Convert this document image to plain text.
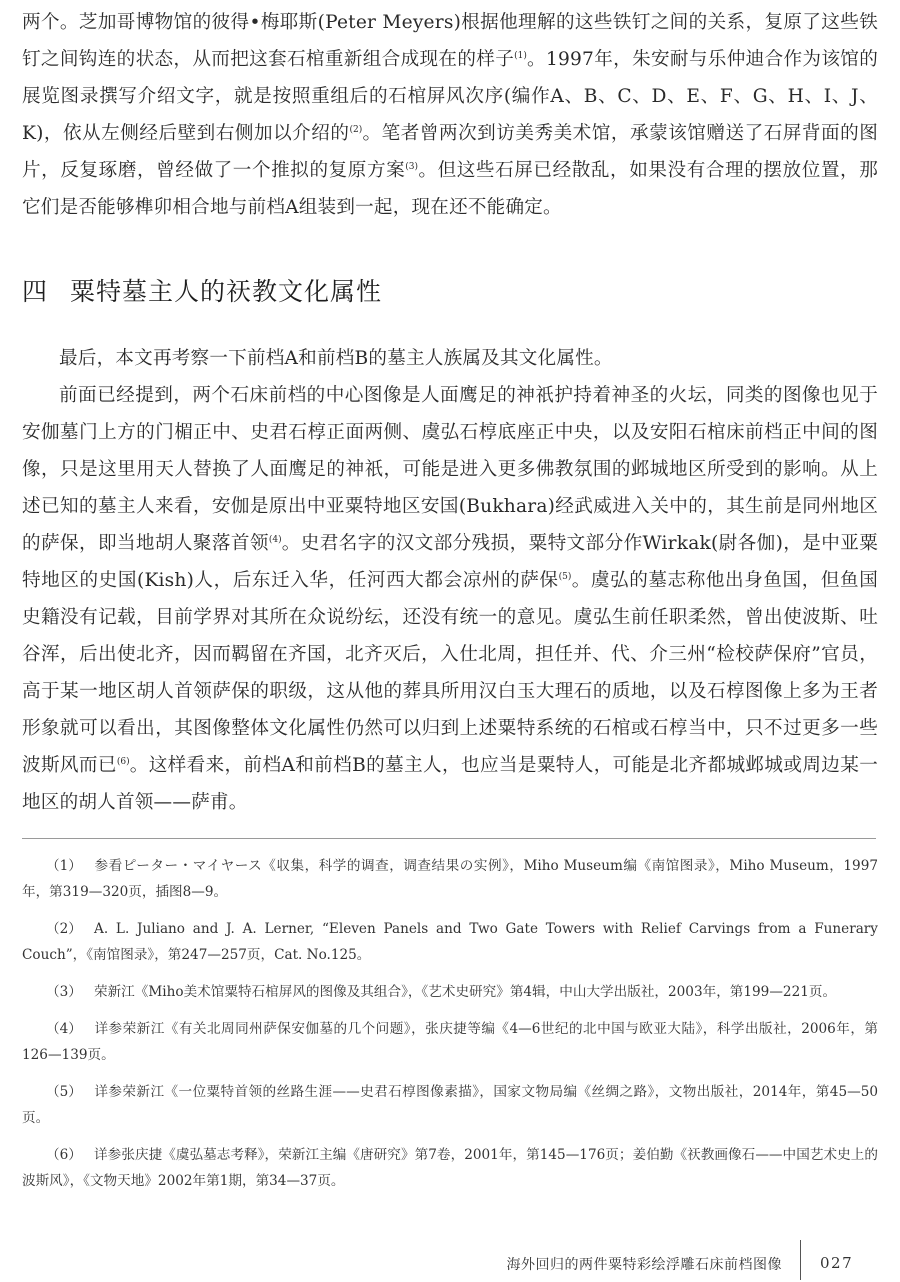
两个。芝加哥博物馆的彼得•梅耶斯(Peter Meyers)根据他理解的这些铁钉之间的关系，复原了这些铁钉之间钩连的状态，从而把这套石棺重新组合成现在的样子$^{(1)}$。1997年，朱安耐与乐仲迪合作为该馆的展览图录撰写介绍文字，就是按照重组后的石棺屏风次序(编作A、B、C、D、E、F、G、H、I、J、K)，依从左侧经后壁到右侧加以介绍的$^{(2)}$。笔者曾两次到访美秀美术馆，承蒙该馆赠送了石屏背面的图片，反复琢磨，曾经做了一个推拟的复原方案$^{(3)}$。但这些石屏已经散乱，如果没有合理的摆放位置，那它们是否能够榫卯相合地与前档A组装到一起，现在还不能确定。

四 粟特墓主人的祆教文化属性

最后，本文再考察一下前档A和前档B的墓主人族属及其文化属性。

前面已经提到，两个石床前档的中心图像是人面鹰足的神祇护持着神圣的火坛，同类的图像也见于安伽墓门上方的门楣正中、史君石椁正面两侧、虞弘石椁底座正中央，以及安阳石棺床前档正中间的图像，只是这里用天人替换了人面鹰足的神祇，可能是进入更多佛教氛围的邺城地区所受到的影响。从上述已知的墓主人来看，安伽是原出中亚粟特地区安国(Bukhara)经武威进入关中的，其生前是同州地区的萨保，即当地胡人聚落首领$^{(4)}$。史君名字的汉文部分残损，粟特文部分作Wirkak(尉各伽)，是中亚粟特地区的史国(Kish)人，后东迁入华，任河西大都会凉州的萨保$^{(5)}$。虞弘的墓志称他出身鱼国，但鱼国史籍没有记载，目前学界对其所在众说纷纭，还没有统一的意见。虞弘生前任职柔然，曾出使波斯、吐谷浑，后出使北齐，因而羁留在齐国，北齐灭后，入仕北周，担任并、代、介三州“检校萨保府”官员，高于某一地区胡人首领萨保的职级，这从他的葬具所用汉白玉大理石的质地，以及石椁图像上多为王者形象就可以看出，其图像整体文化属性仍然可以归到上述粟特系统的石棺或石椁当中，只不过更多一些波斯风而已$^{(6)}$。这样看来，前档A和前档B的墓主人，也应当是粟特人，可能是北齐都城邺城或周边某一地区的胡人首领——萨甫。

（1） 参看ピーター・マイヤース《収集，科学的调查，调查结果の实例》，Miho Museum编《南馆图录》，Miho Museum，1997年，第319—320页，插图8—9。

（2） A. L. Juliano and J. A. Lerner, “Eleven Panels and Two Gate Towers with Relief Carvings from a Funerary Couch”，《南馆图录》，第247—257页，Cat. No.125。

（3） 荣新江《Miho美术馆粟特石棺屏风的图像及其组合》，《艺术史研究》第4辑，中山大学出版社，2003年，第199—221页。

（4） 详参荣新江《有关北周同州萨保安伽墓的几个问题》，张庆捷等编《4—6世纪的北中国与欧亚大陆》，科学出版社，2006年，第126—139页。

（5） 详参荣新江《一位粟特首领的丝路生涯——史君石椁图像素描》，国家文物局编《丝绸之路》，文物出版社，2014年，第45—50页。

（6） 详参张庆捷《虞弘墓志考释》，荣新江主编《唐研究》第7卷，2001年，第145—176页；姜伯勤《祆教画像石——中国艺术史上的波斯风》，《文物天地》2002年第1期，第34—37页。

海外回归的两件粟特彩绘浮雕石床前档图像	027
